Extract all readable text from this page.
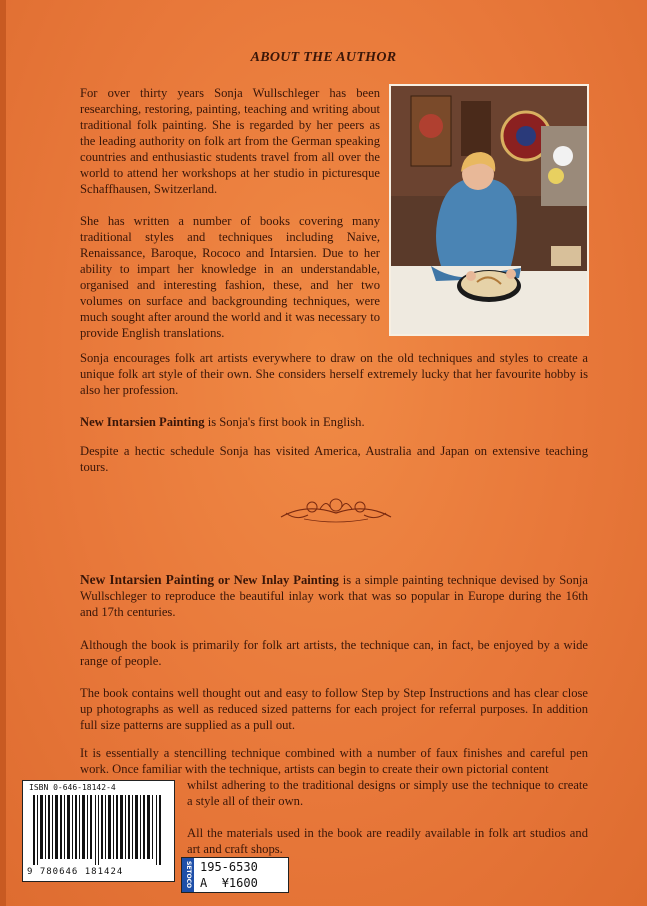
ABOUT THE AUTHOR

For over thirty years Sonja Wullschleger has been researching, restoring, painting, teaching and writing about traditional folk painting. She is regarded by her peers as the leading authority on folk art from the German speaking countries and enthusiastic students travel from all over the world to attend her workshops at her studio in picturesque Schaffhausen, Switzerland.

She has written a number of books covering many traditional styles and techniques including Naive, Renaissance, Baroque, Rococo and Intarsien. Due to her ability to impart her knowledge in an understandable, organised and interesting fashion, these, and her two volumes on surface and backgrounding techniques, were much sought after around the world and it was necessary to provide English translations.

Sonja encourages folk art artists everywhere to draw on the old techniques and styles to create a unique folk art style of their own. She considers herself extremely lucky that her favourite hobby is also her profession.

New Intarsien Painting is Sonja's first book in English.

Despite a hectic schedule Sonja has visited America, Australia and Japan on extensive teaching tours.

New Intarsien Painting or New Inlay Painting is a simple painting technique devised by Sonja Wullschleger to reproduce the beautiful inlay work that was so popular in Europe during the 16th and 17th centuries.

Although the book is primarily for folk art artists, the technique can, in fact, be enjoyed by a wide range of people.

The book contains well thought out and easy to follow Step by Step Instructions and has clear close up photographs as well as reduced sized patterns for each project for referral purposes. In addition full size patterns are supplied as a pull out.

It is essentially a stencilling technique combined with a number of faux finishes and careful pen work. Once familiar with the technique, artists can begin to create their own pictorial content

whilst adhering to the traditional designs or simply use the technique to create a style all of their own.

All the materials used in the book are readily available in folk art studios and art and craft shops.

ISBN 0-646-18142-4
9 780646 181424	SETOCO 195-6530
A ¥1600
